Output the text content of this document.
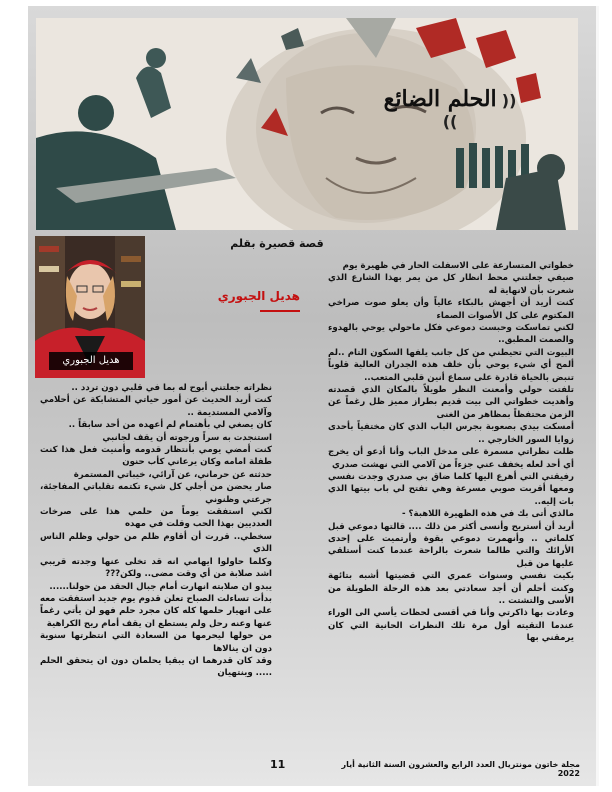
(( الحلم الضائع ))
هديل الجبوري
قصة قصيرة بقلم
هديل الجبوري

خطواتي المتسارعة على الاسفلت الحار في ظهيرة يوم

صيفي جعلتني محط انظار كل من يمر بهذا الشارع الذي شعرت بأن لانهاية له

كنت أريد أن أجهش بالبكاء عالياً وأن يعلو صوت صراخي المكتوم على كل الأصوات الصماء

لكني تماسكت وحبست دموعي فكل ماحولي يوحي بالهدوء والصمت المطبق..

البيوت التي تحيطني من كل جانب يلفها السكون التام ..لم ألمح أي شيء يوحي بأن خلف هذه الجدران العالية قلوباً تنبض بالحياة قادرة على سماع أنين قلبي المتعب..

تلفتت حولي وأمعنت النظر طويلاً بالمكان الذي قصدته وأهديت خطواتي الى بيت قديم بطراز مميز ظل رغماً عن الزمن محتفظاً بمظاهر من الغنى

أمسكت بيدي بصعوبة بجرس الباب الذي كان مختفياً بأحدى زوايا السور الخارجي ..

ظلت نظراتي مسمرة على مدخل الباب وأنا أدعو أن يخرج أي أحد لعله يخفف عني جزءاً من آلامي التي نهشت صدري

رفيقتي التي أهرع اليها كلما ضاق بي صدري وجدت نفسي ومعها أقربت صوبي مسرعة وهي تفتح لي باب بيتها الذي بات إليه..

مالذي أتى بك في هذه الظهيرة اللاهبة؟ -

أريد أن أستريح وأنسى أكثر من ذلك .... قالتها دموعي قبل كلماتي .. وأنهمرت دموعي بقوة وأرتميت على إحدى الأرائك والتي طالما شعرت بالراحة عندما كنت أستلقي عليها من قبل

بكيت نفسي وسنوات عمري التي قضيتها أشبه بتائهة وكنت أحلم أن أجد سعادتي بعد هذه الرحلة الطويلة من الأسى والتشتت ..

وعادت بها ذاكرتي وأنا في أقسى لحظات يأسي الى الوراء عندما التقيته أول مرة تلك النظرات الحانية التي كان يرمقني بها

نظراته جعلتني أبوح له بما في قلبي دون تردد ..

كنت أريد الحديث عن أمور حياتي المتشابكة عن أحلامي وآلامي المستديمة ..

كان يصغي لي بأهتمام لم أعهده من أحد سابقاً ..

استنجدت به سراً ورجوته أن يقف لجانبي

كنت أمضي يومي بأنتظار قدومه وأمنيت فعل هذا كنت طفلة امامه وكان يرعاني كأب حنون

حدثته عن حرماني، عن آرائي، خيباتي المستمرة

صار يحضن من أجلي كل شيء تكتمه تقلباتي المفاجئة، جرعتي وظنوني

لكني استفقت يوماً من حلمي هذا على صرخات العدديين بهذا الحب وقلت في مهده

سخطي.. قررت أن أقاوم ظلم من حولي وظلم الناس الذي

وكلما حاولوا ايهامي انه قد تخلى عنها وجدته قريبي اشد صلابة من أي وقت مضى.. ولكن???

يبدو ان صلابته انهارت أمام جبال الحقد من حولنا......

بدأت تساءلت الصباح تعلن قدوم يوم جديد استفقت معه على انهيار حلمها كله كان مجرد حلم فهو لن يأتي رغماً عنها وعنه رحل ولم يستطع ان يقف أمام ريح الكراهية

من حولها ليحرمها من السعادة التي انتظرتها سنوية دون ان ينالاها

وقد كان قدرهما ان يبقيا يحلمان دون ان يتحقق الحلم ..... وينتهيان

11	مجلة خاتون مونتريال العدد الرابع والعشرون السنة الثانية أيار 2022
